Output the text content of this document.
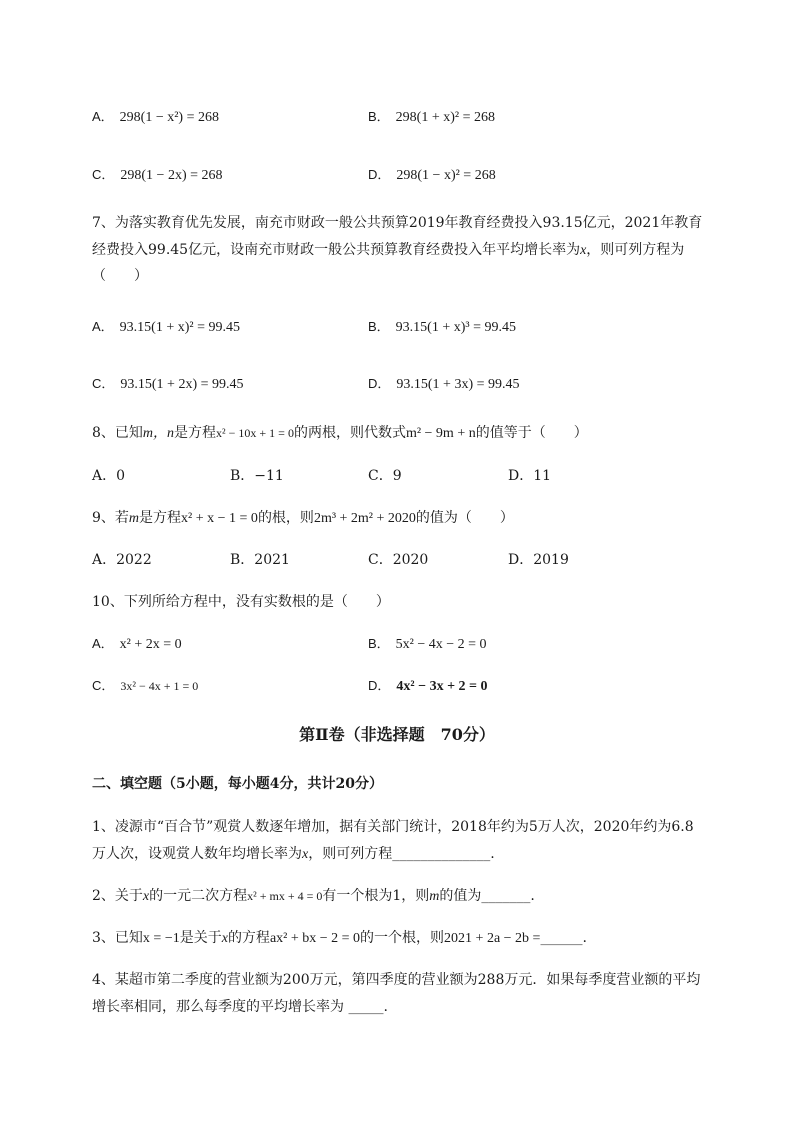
A． 298(1 − x²) = 268	B． 298(1 + x)² = 268
C． 298(1 − 2x) = 268	D． 298(1 − x)² = 268
7、为落实教育优先发展，南充市财政一般公共预算2019年教育经费投入93.15亿元，2021年教育
经费投入99.45亿元，设南充市财政一般公共预算教育经费投入年平均增长率为x，则可列方程为
（　　）
A． 93.15(1 + x)² = 99.45	B． 93.15(1 + x)³ = 99.45
C． 93.15(1 + 2x) = 99.45	D． 93.15(1 + 3x) = 99.45
8、已知m，n是方程x² − 10x + 1 = 0的两根，则代数式m² − 9m + n的值等于（　　）
A．0	B．−11	C．9	D．11
9、若m是方程x² + x − 1 = 0的根，则2m³ + 2m² + 2020的值为（　　）
A．2022	B．2021	C．2020	D．2019
10、下列所给方程中，没有实数根的是（　　）
A． x² + 2x = 0	B． 5x² − 4x − 2 = 0
C． 3x² − 4x + 1 = 0	D． 4x² − 3x + 2 = 0
第Ⅱ卷（非选择题　70分）
二、填空题（5小题，每小题4分，共计20分）
1、凌源市“百合节”观赏人数逐年增加，据有关部门统计，2018年约为5万人次，2020年约为6.8
万人次，设观赏人数年均增长率为x，则可列方程______________.
2、关于x的一元二次方程x² + mx + 4 = 0有一个根为1，则m的值为_______.
3、已知x = −1是关于x的方程ax² + bx − 2 = 0的一个根，则2021 + 2a − 2b =______.
4、某超市第二季度的营业额为200万元，第四季度的营业额为288万元．如果每季度营业额的平均
增长率相同，那么每季度的平均增长率为 _____.
